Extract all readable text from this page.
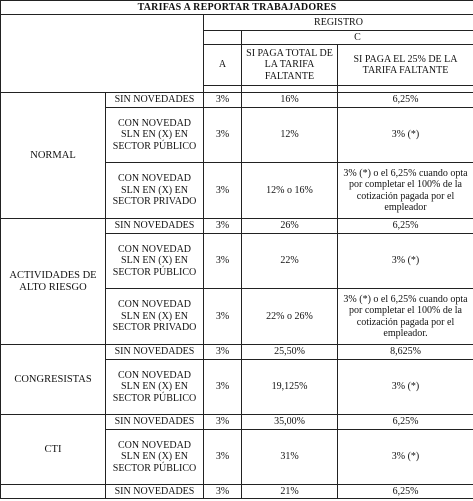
TARIFAS A REPORTAR TRABAJADORES				
		REGISTRO		
			C	
		A	SI PAGA TOTAL DE LA TARIFA FALTANTE	SI PAGA EL 25% DE LA TARIFA FALTANTE

NORMAL	SIN NOVEDADES	3%	16%	6,25%
	CON NOVEDAD SLN EN (X) EN SECTOR PÚBLICO	3%	12%	3% (*)
	CON NOVEDAD SLN EN (X) EN SECTOR PRIVADO	3%	12% o 16%	3% (*) o el 6,25% cuando opta por completar el 100% de la cotización pagada por el empleador
ACTIVIDADES DE ALTO RIESGO	SIN NOVEDADES	3%	26%	6,25%
	CON NOVEDAD SLN EN (X) EN SECTOR PÚBLICO	3%	22%	3% (*)
	CON NOVEDAD SLN EN (X) EN SECTOR PRIVADO	3%	22% o 26%	3% (*) o el 6,25% cuando opta por completar el 100% de la cotización pagada por el empleador.
CONGRESISTAS	SIN NOVEDADES	3%	25,50%	8,625%
	CON NOVEDAD SLN EN (X) EN SECTOR PÚBLICO	3%	19,125%	3% (*)
CTI	SIN NOVEDADES	3%	35,00%	6,25%
	CON NOVEDAD SLN EN (X) EN SECTOR PÚBLICO	3%	31%	3% (*)
	SIN NOVEDADES	3%	21%	6,25%
